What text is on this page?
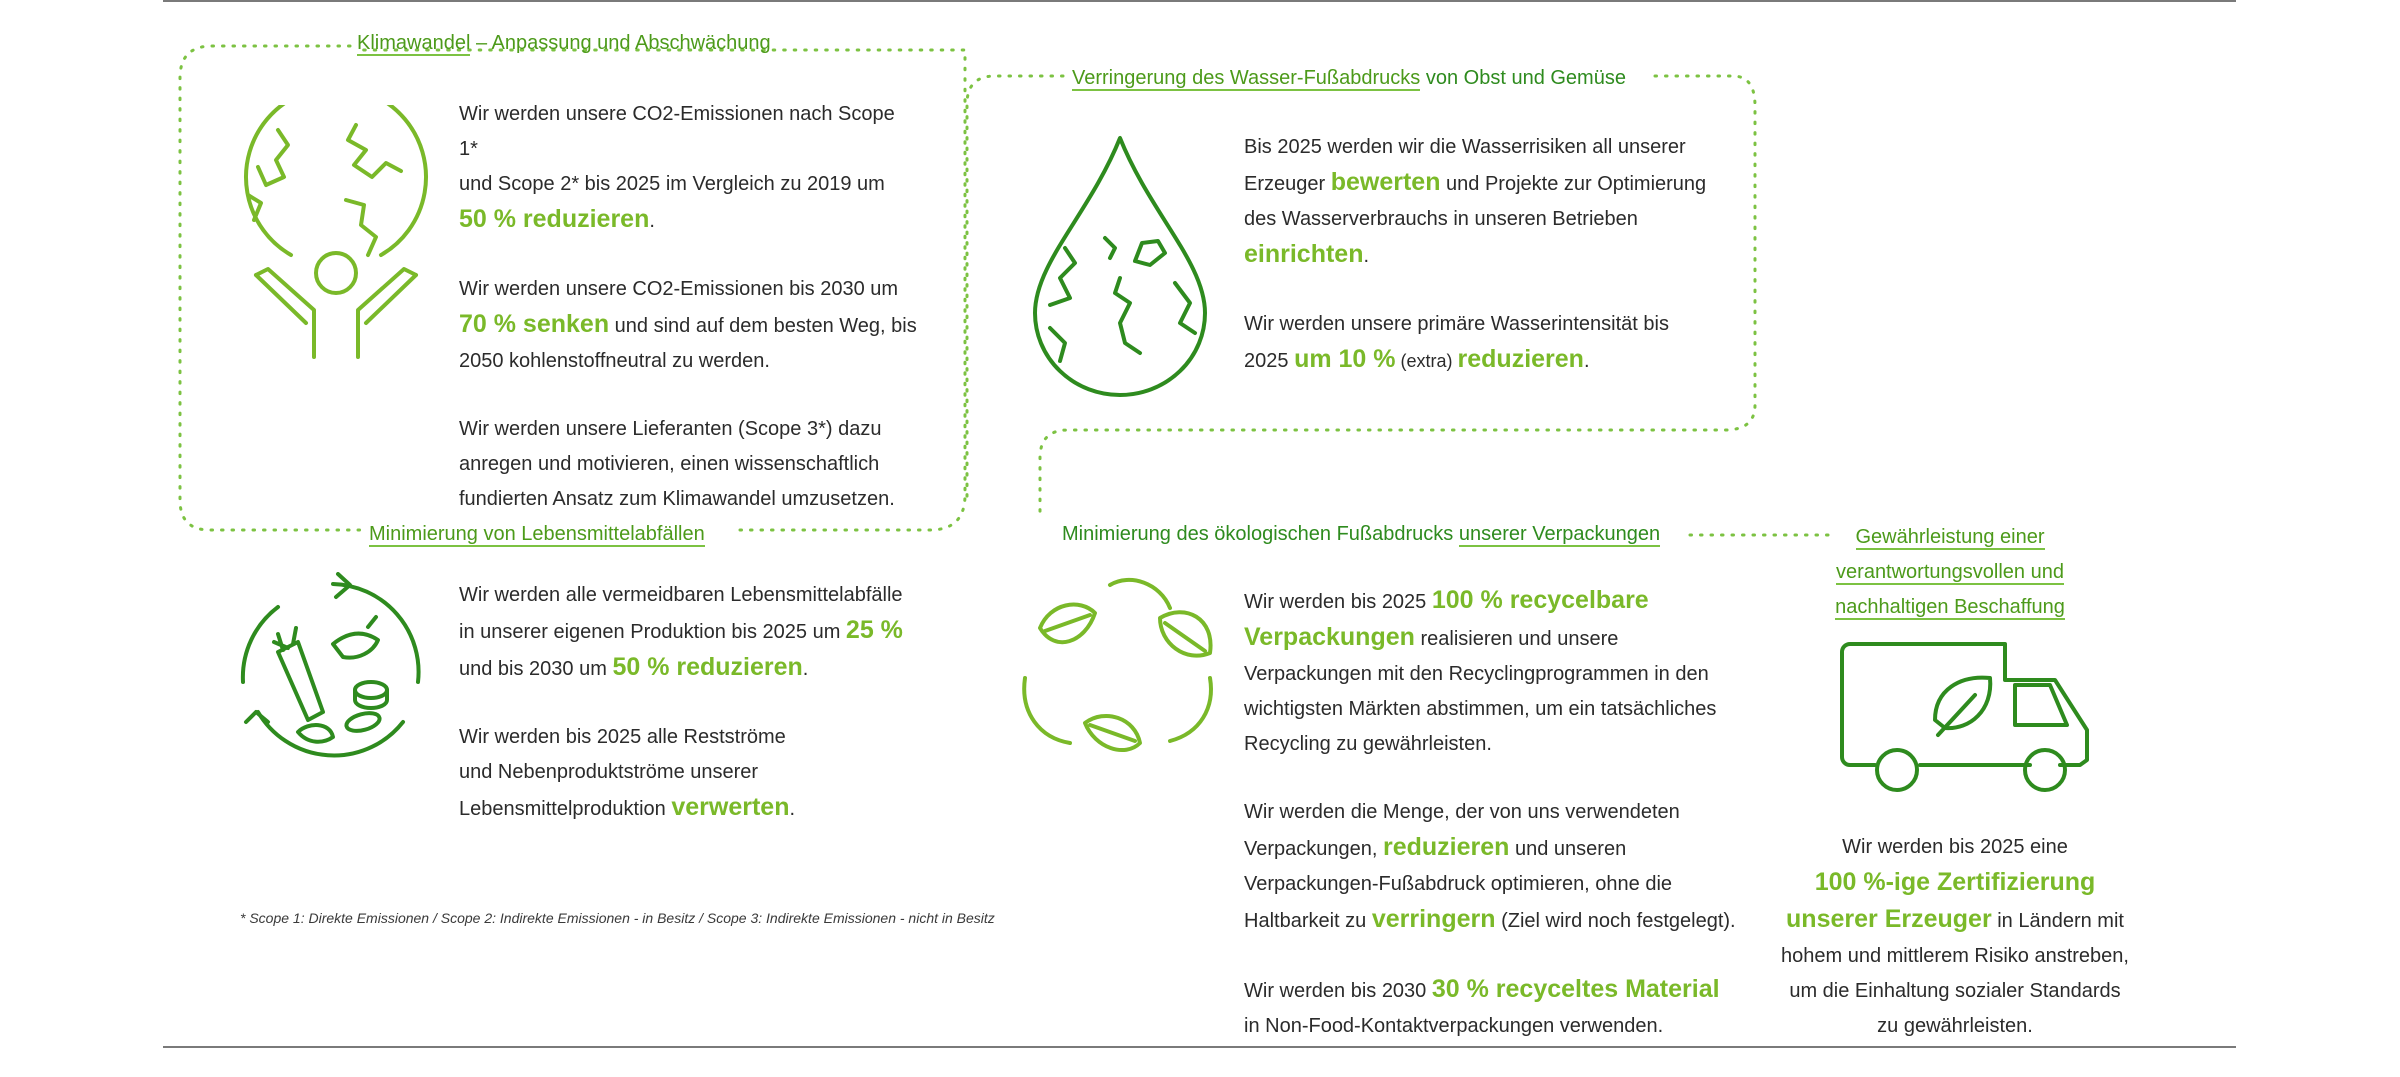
Klimawandel – Anpassung und Abschwächung

Wir werden unsere CO2-Emissionen nach Scope 1*
und Scope 2* bis 2025 im Vergleich zu 2019 um
50 % reduzieren.

Wir werden unsere CO2-Emissionen bis 2030 um
70 % senken und sind auf dem besten Weg, bis
2050 kohlenstoffneutral zu werden.

Wir werden unsere Lieferanten (Scope 3*) dazu
anregen und motivieren, einen wissenschaftlich
fundierten Ansatz zum Klimawandel umzusetzen.

Verringerung des Wasser-Fußabdrucks von Obst und Gemüse

Bis 2025 werden wir die Wasserrisiken all unserer
Erzeuger bewerten und Projekte zur Optimierung
des Wasserverbrauchs in unseren Betrieben
einrichten.

Wir werden unsere primäre Wasserintensität bis
2025 um 10 % (extra) reduzieren.

Minimierung von Lebensmittelabfällen

Wir werden alle vermeidbaren Lebensmittelabfälle
in unserer eigenen Produktion bis 2025 um 25 %
und bis 2030 um 50 % reduzieren.

Wir werden bis 2025 alle Restströme
und Nebenproduktströme unserer
Lebensmittelproduktion verwerten.

* Scope 1: Direkte Emissionen / Scope 2: Indirekte Emissionen - in Besitz / Scope 3: Indirekte Emissionen - nicht in Besitz
Minimierung des ökologischen Fußabdrucks unserer Verpackungen

Wir werden bis 2025 100 % recycelbare
Verpackungen realisieren und unsere
Verpackungen mit den Recyclingprogrammen in den
wichtigsten Märkten abstimmen, um ein tatsächliches
Recycling zu gewährleisten.

Wir werden die Menge, der von uns verwendeten
Verpackungen, reduzieren und unseren
Verpackungen-Fußabdruck optimieren, ohne die
Haltbarkeit zu verringern (Ziel wird noch festgelegt).

Wir werden bis 2030 30 % recyceltes Material
in Non-Food-Kontaktverpackungen verwenden.

Gewährleistung einer
verantwortungsvollen und
nachhaltigen Beschaffung

Wir werden bis 2025 eine
100 %-ige Zertifizierung
unserer Erzeuger in Ländern mit
hohem und mittlerem Risiko anstreben,
um die Einhaltung sozialer Standards
zu gewährleisten.
